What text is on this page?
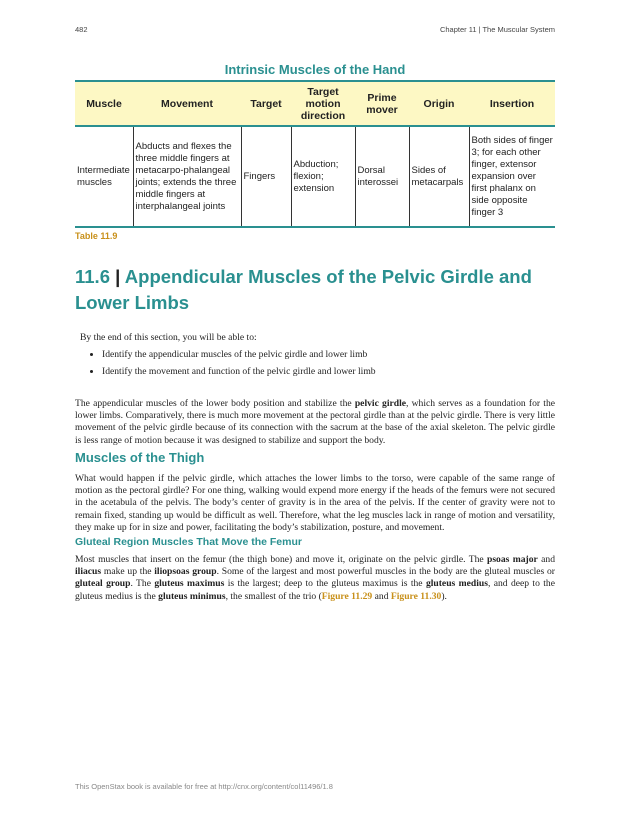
482	Chapter 11 | The Muscular System
Intrinsic Muscles of the Hand
Muscle	Movement	Target	Target motion direction	Prime mover	Origin	Insertion
Intermediate muscles	Abducts and flexes the three middle fingers at metacarpo-phalangeal joints; extends the three middle fingers at interphalangeal joints	Fingers	Abduction; flexion; extension	Dorsal interossei	Sides of metacarpals	Both sides of finger 3; for each other finger, extensor expansion over first phalanx on side opposite finger 3
Table 11.9
11.6 | Appendicular Muscles of the Pelvic Girdle and Lower Limbs
By the end of this section, you will be able to:
• Identify the appendicular muscles of the pelvic girdle and lower limb
• Identify the movement and function of the pelvic girdle and lower limb

The appendicular muscles of the lower body position and stabilize the pelvic girdle, which serves as a foundation for the lower limbs. Comparatively, there is much more movement at the pectoral girdle than at the pelvic girdle. There is very little movement of the pelvic girdle because of its connection with the sacrum at the base of the axial skeleton. The pelvic girdle is less range of motion because it was designed to stabilize and support the body.

Muscles of the Thigh

What would happen if the pelvic girdle, which attaches the lower limbs to the torso, were capable of the same range of motion as the pectoral girdle? For one thing, walking would expend more energy if the heads of the femurs were not secured in the acetabula of the pelvis. The body’s center of gravity is in the area of the pelvis. If the center of gravity were not to remain fixed, standing up would be difficult as well. Therefore, what the leg muscles lack in range of motion and versatility, they make up for in size and power, facilitating the body’s stabilization, posture, and movement.

Gluteal Region Muscles That Move the Femur

Most muscles that insert on the femur (the thigh bone) and move it, originate on the pelvic girdle. The psoas major and iliacus make up the iliopsoas group. Some of the largest and most powerful muscles in the body are the gluteal muscles or gluteal group. The gluteus maximus is the largest; deep to the gluteus maximus is the gluteus medius, and deep to the gluteus medius is the gluteus minimus, the smallest of the trio (Figure 11.29 and Figure 11.30).

This OpenStax book is available for free at http://cnx.org/content/col11496/1.8
